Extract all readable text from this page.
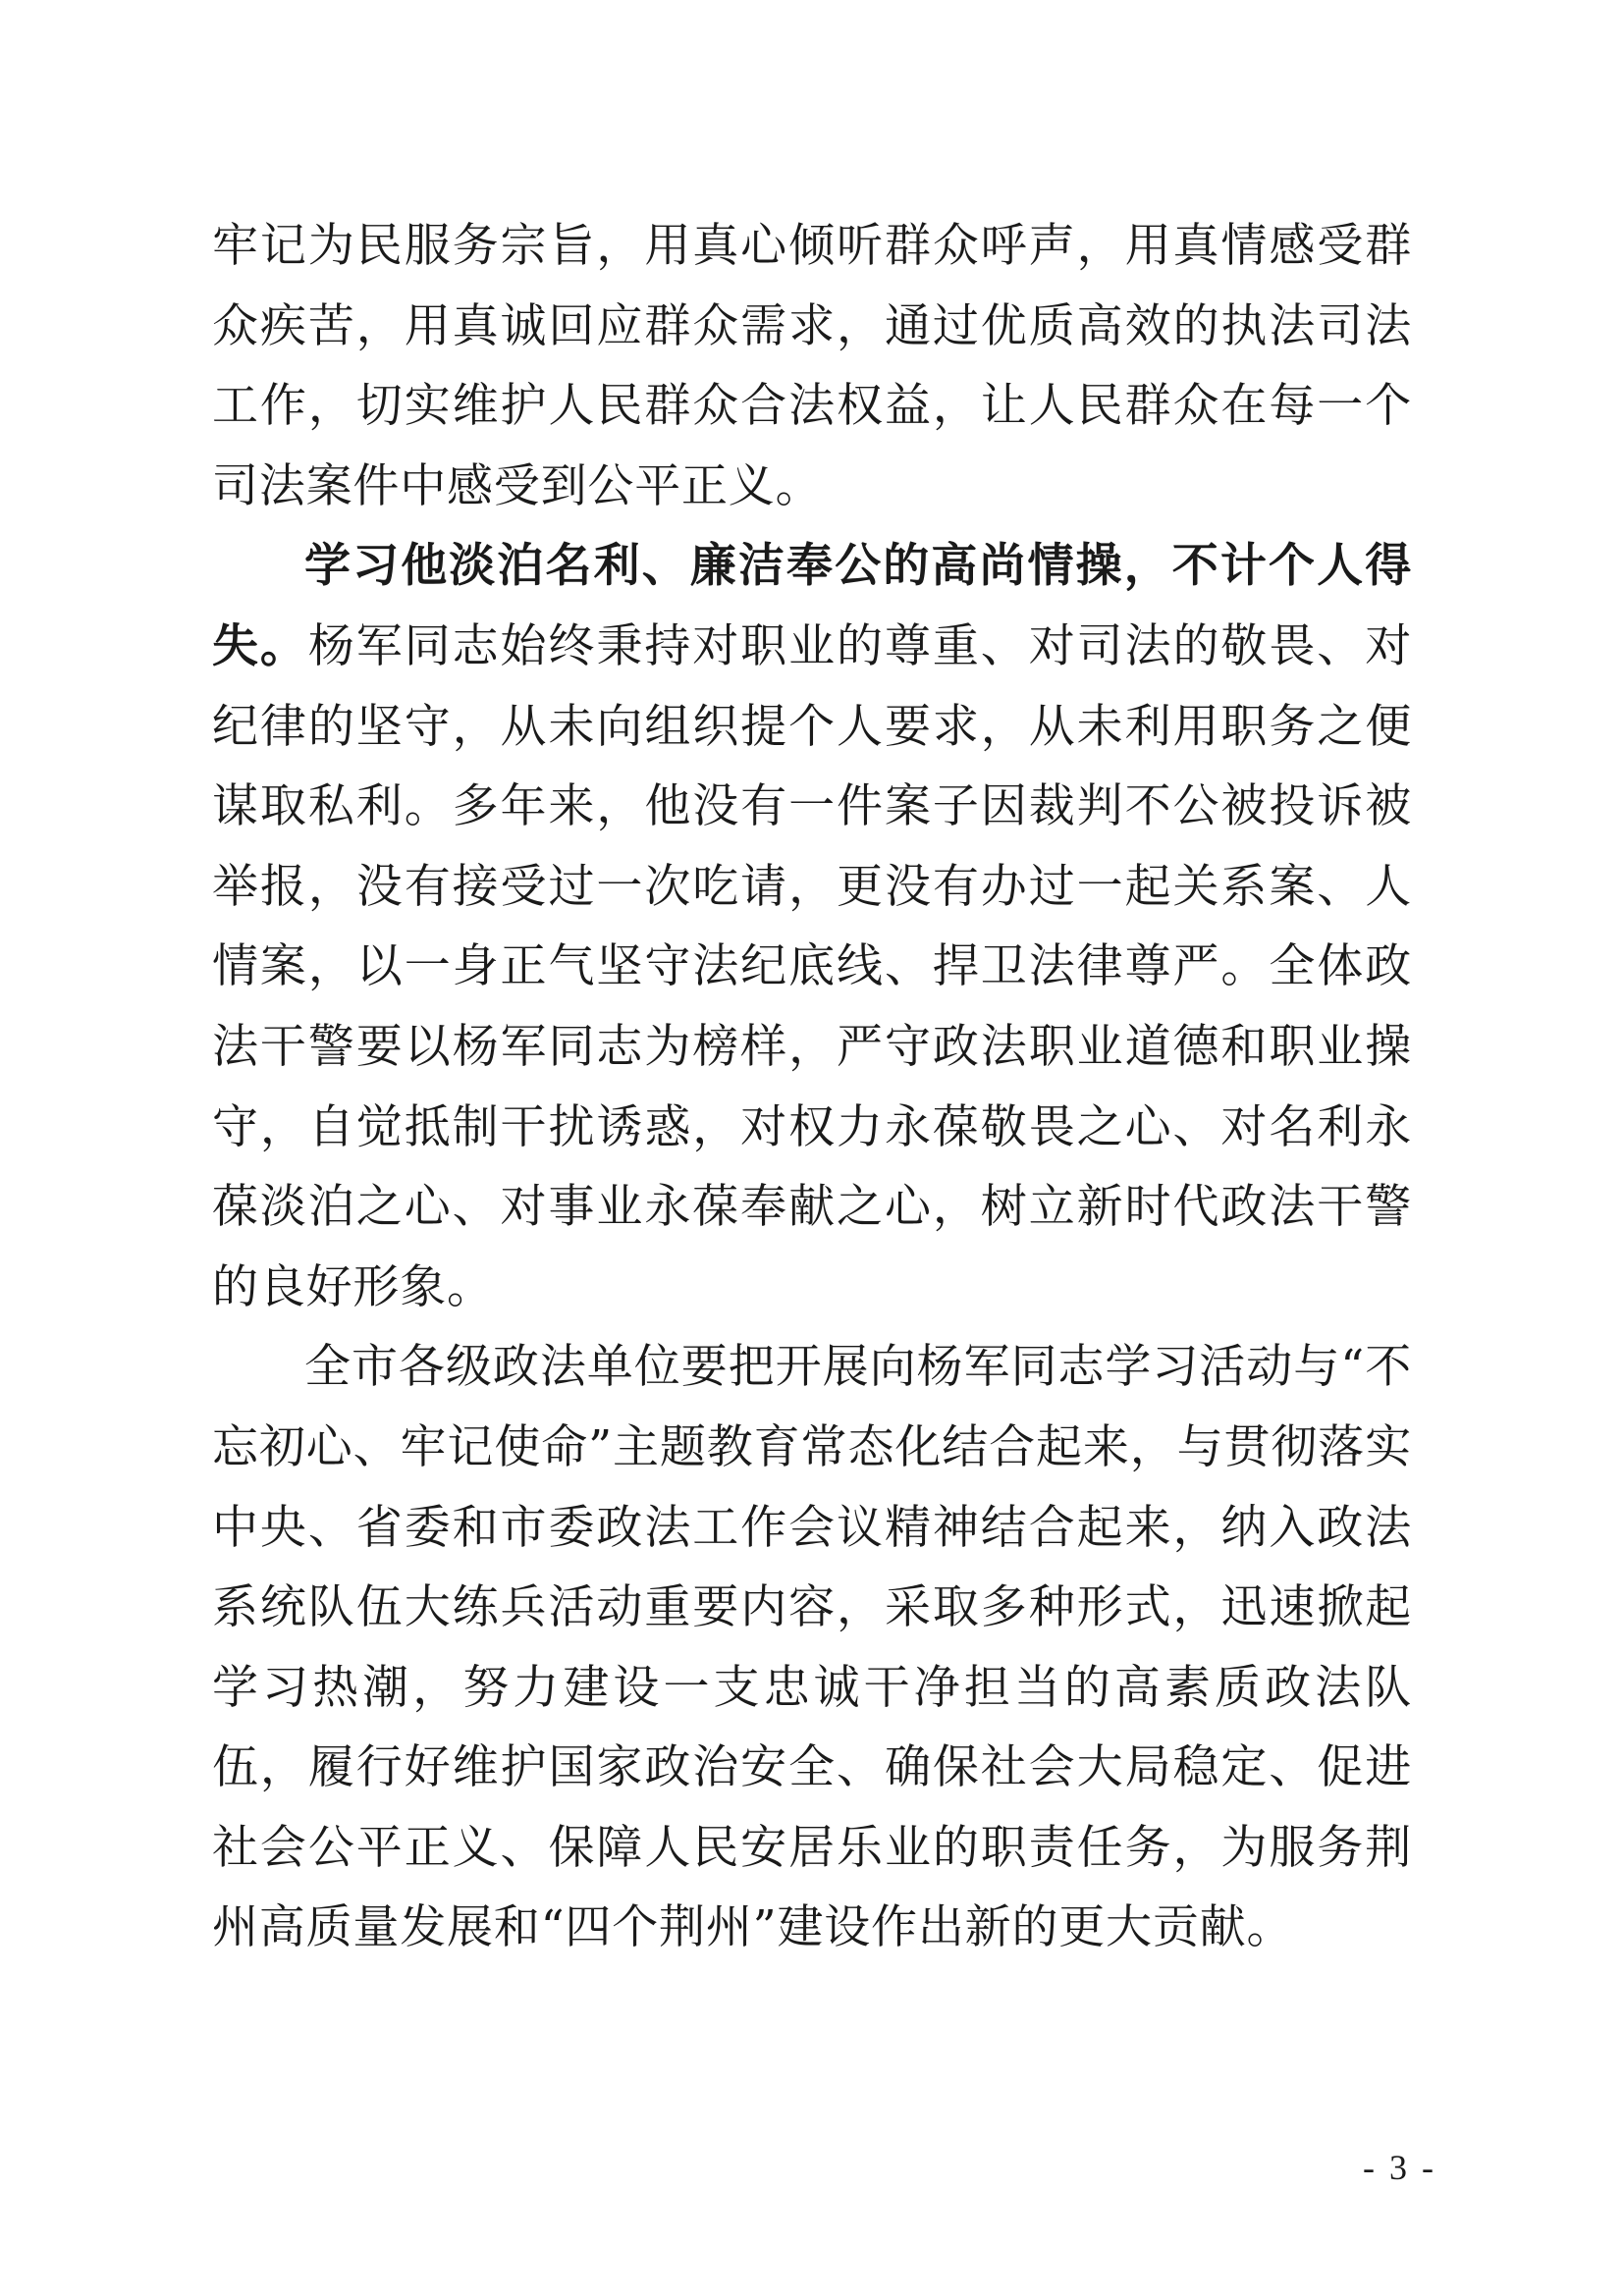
牢记为民服务宗旨，用真心倾听群众呼声，用真情感受群众疾苦，用真诚回应群众需求，通过优质高效的执法司法工作，切实维护人民群众合法权益，让人民群众在每一个司法案件中感受到公平正义。

学习他淡泊名利、廉洁奉公的高尚情操，不计个人得失。杨军同志始终秉持对职业的尊重、对司法的敬畏、对纪律的坚守，从未向组织提个人要求，从未利用职务之便谋取私利。多年来，他没有一件案子因裁判不公被投诉被举报，没有接受过一次吃请，更没有办过一起关系案、人情案，以一身正气坚守法纪底线、捍卫法律尊严。全体政法干警要以杨军同志为榜样，严守政法职业道德和职业操守，自觉抵制干扰诱惑，对权力永葆敬畏之心、对名利永葆淡泊之心、对事业永葆奉献之心，树立新时代政法干警的良好形象。

全市各级政法单位要把开展向杨军同志学习活动与“不忘初心、牢记使命”主题教育常态化结合起来，与贯彻落实中央、省委和市委政法工作会议精神结合起来，纳入政法系统队伍大练兵活动重要内容，采取多种形式，迅速掀起学习热潮，努力建设一支忠诚干净担当的高素质政法队伍，履行好维护国家政治安全、确保社会大局稳定、促进社会公平正义、保障人民安居乐业的职责任务，为服务荆州高质量发展和“四个荆州”建设作出新的更大贡献。

- 3 -
